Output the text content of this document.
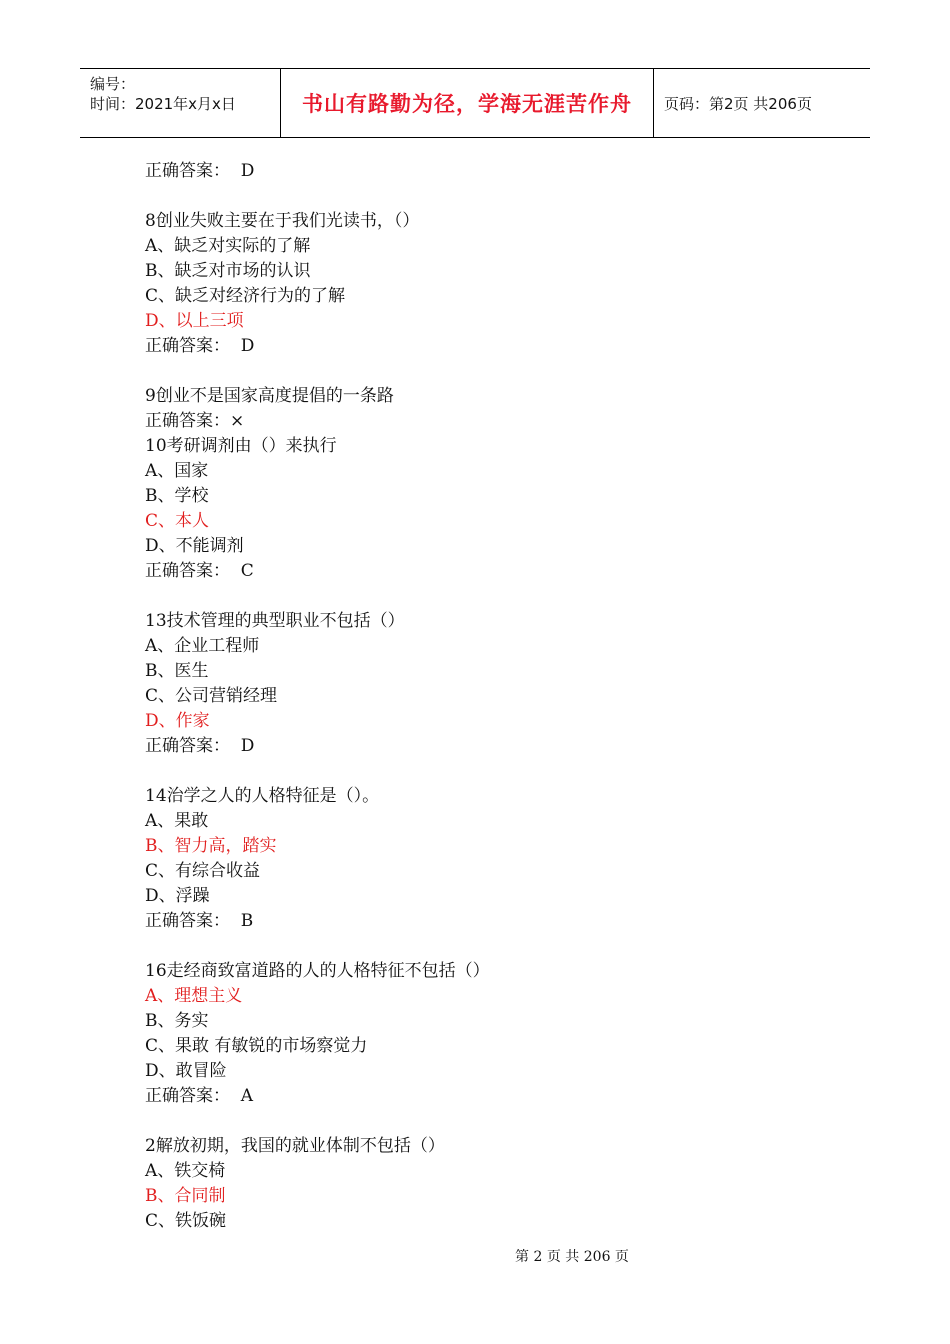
编号：
时间：2021年x月x日	书山有路勤为径，学海无涯苦作舟 页码：第2页 共206页
正确答案：  D
8创业失败主要在于我们光读书，（）
A、缺乏对实际的了解
B、缺乏对市场的认识
C、缺乏对经济行为的了解
D、以上三项
正确答案：  D
9创业不是国家高度提倡的一条路
正确答案：×
10考研调剂由（）来执行
A、国家
B、学校
C、本人
D、不能调剂
正确答案：  C
13技术管理的典型职业不包括（）
A、企业工程师
B、医生
C、公司营销经理
D、作家
正确答案：  D
14治学之人的人格特征是（）。
A、果敢
B、智力高，踏实
C、有综合收益
D、浮躁
正确答案：  B
16走经商致富道路的人的人格特征不包括（）
A、理想主义
B、务实
C、果敢 有敏锐的市场察觉力
D、敢冒险
正确答案：  A
2解放初期，我国的就业体制不包括（）
A、铁交椅
B、合同制
C、铁饭碗
第 2 页 共 206 页
